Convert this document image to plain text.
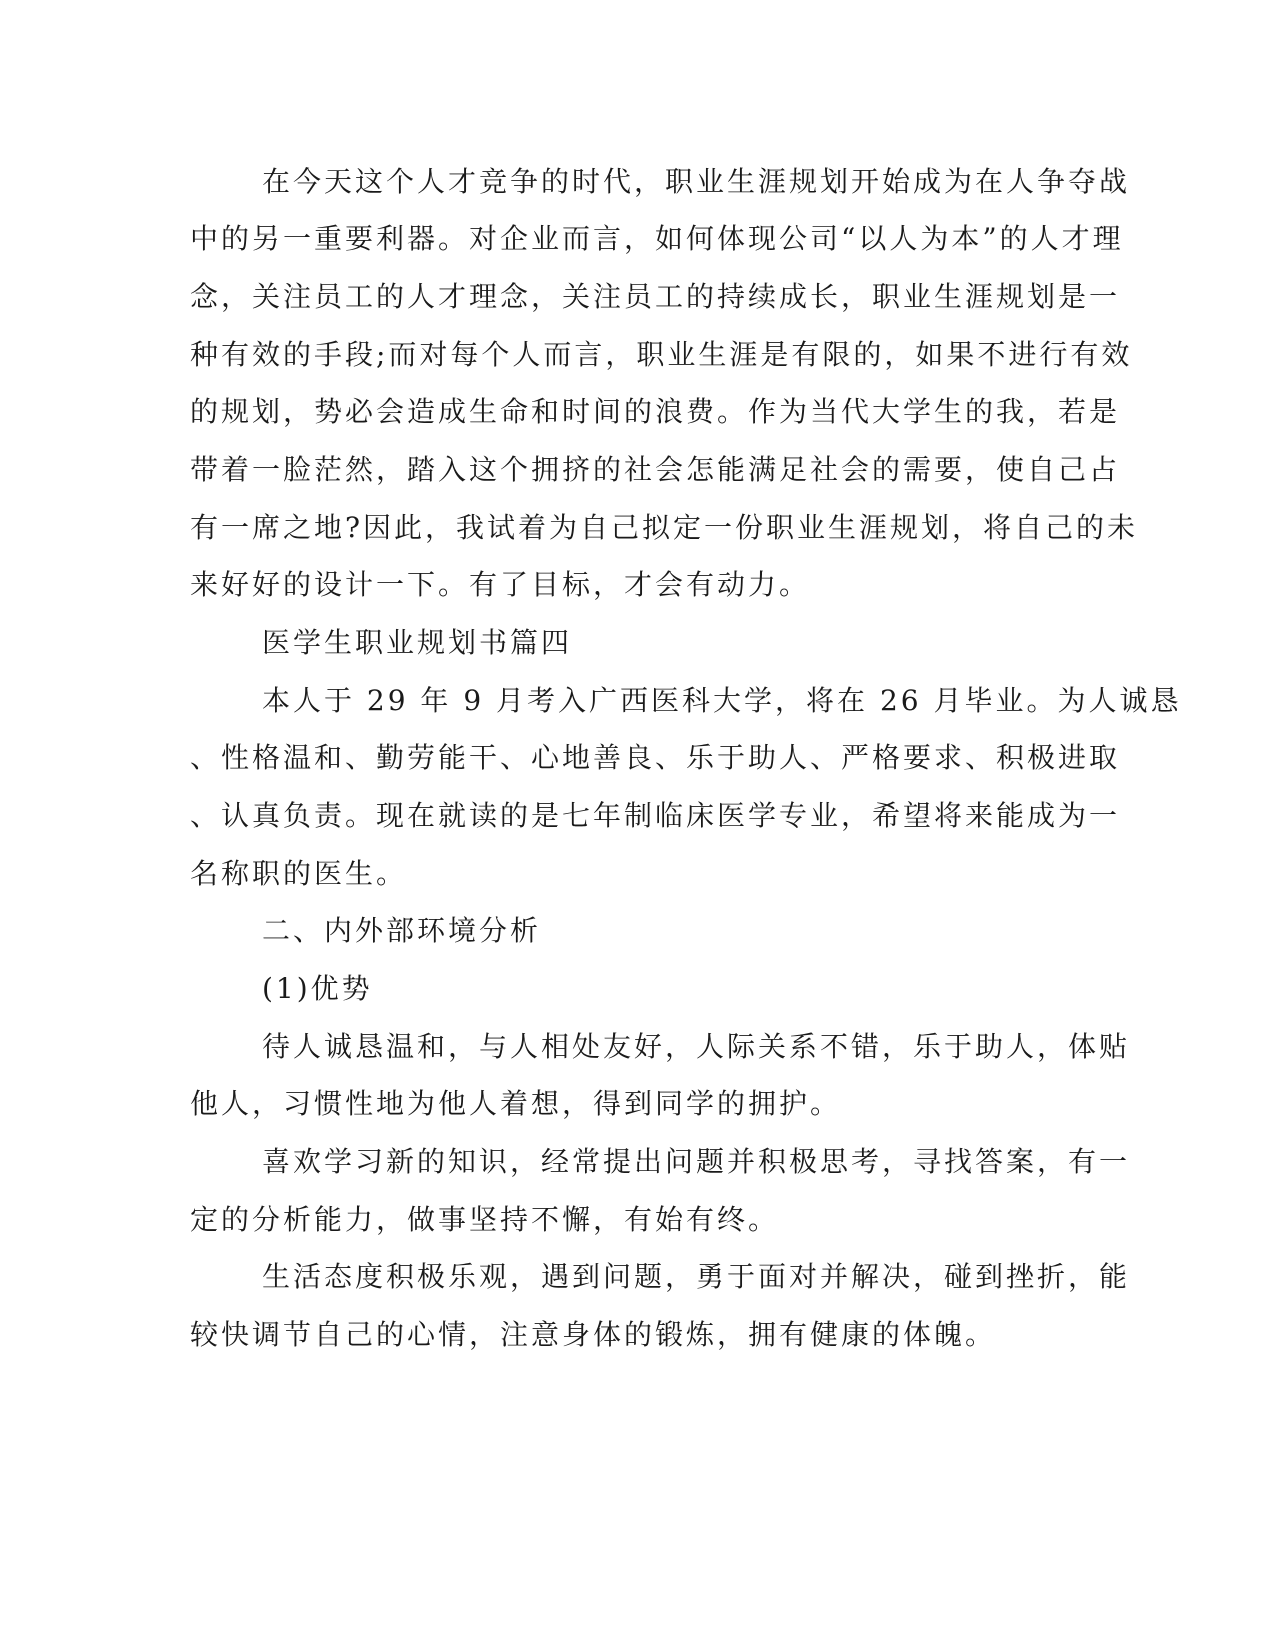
在今天这个人才竞争的时代，职业生涯规划开始成为在人争夺战
中的另一重要利器。对企业而言，如何体现公司“以人为本”的人才理
念，关注员工的人才理念，关注员工的持续成长，职业生涯规划是一
种有效的手段;而对每个人而言，职业生涯是有限的，如果不进行有效
的规划，势必会造成生命和时间的浪费。作为当代大学生的我，若是
带着一脸茫然，踏入这个拥挤的社会怎能满足社会的需要，使自己占
有一席之地?因此，我试着为自己拟定一份职业生涯规划，将自己的未
来好好的设计一下。有了目标，才会有动力。
医学生职业规划书篇四
本人于 29 年 9 月考入广西医科大学，将在 26 月毕业。为人诚恳
、性格温和、勤劳能干、心地善良、乐于助人、严格要求、积极进取
、认真负责。现在就读的是七年制临床医学专业，希望将来能成为一
名称职的医生。
二、内外部环境分析
(1)优势
待人诚恳温和，与人相处友好，人际关系不错，乐于助人，体贴
他人，习惯性地为他人着想，得到同学的拥护。
喜欢学习新的知识，经常提出问题并积极思考，寻找答案，有一
定的分析能力，做事坚持不懈，有始有终。
生活态度积极乐观，遇到问题，勇于面对并解决，碰到挫折，能
较快调节自己的心情，注意身体的锻炼，拥有健康的体魄。
